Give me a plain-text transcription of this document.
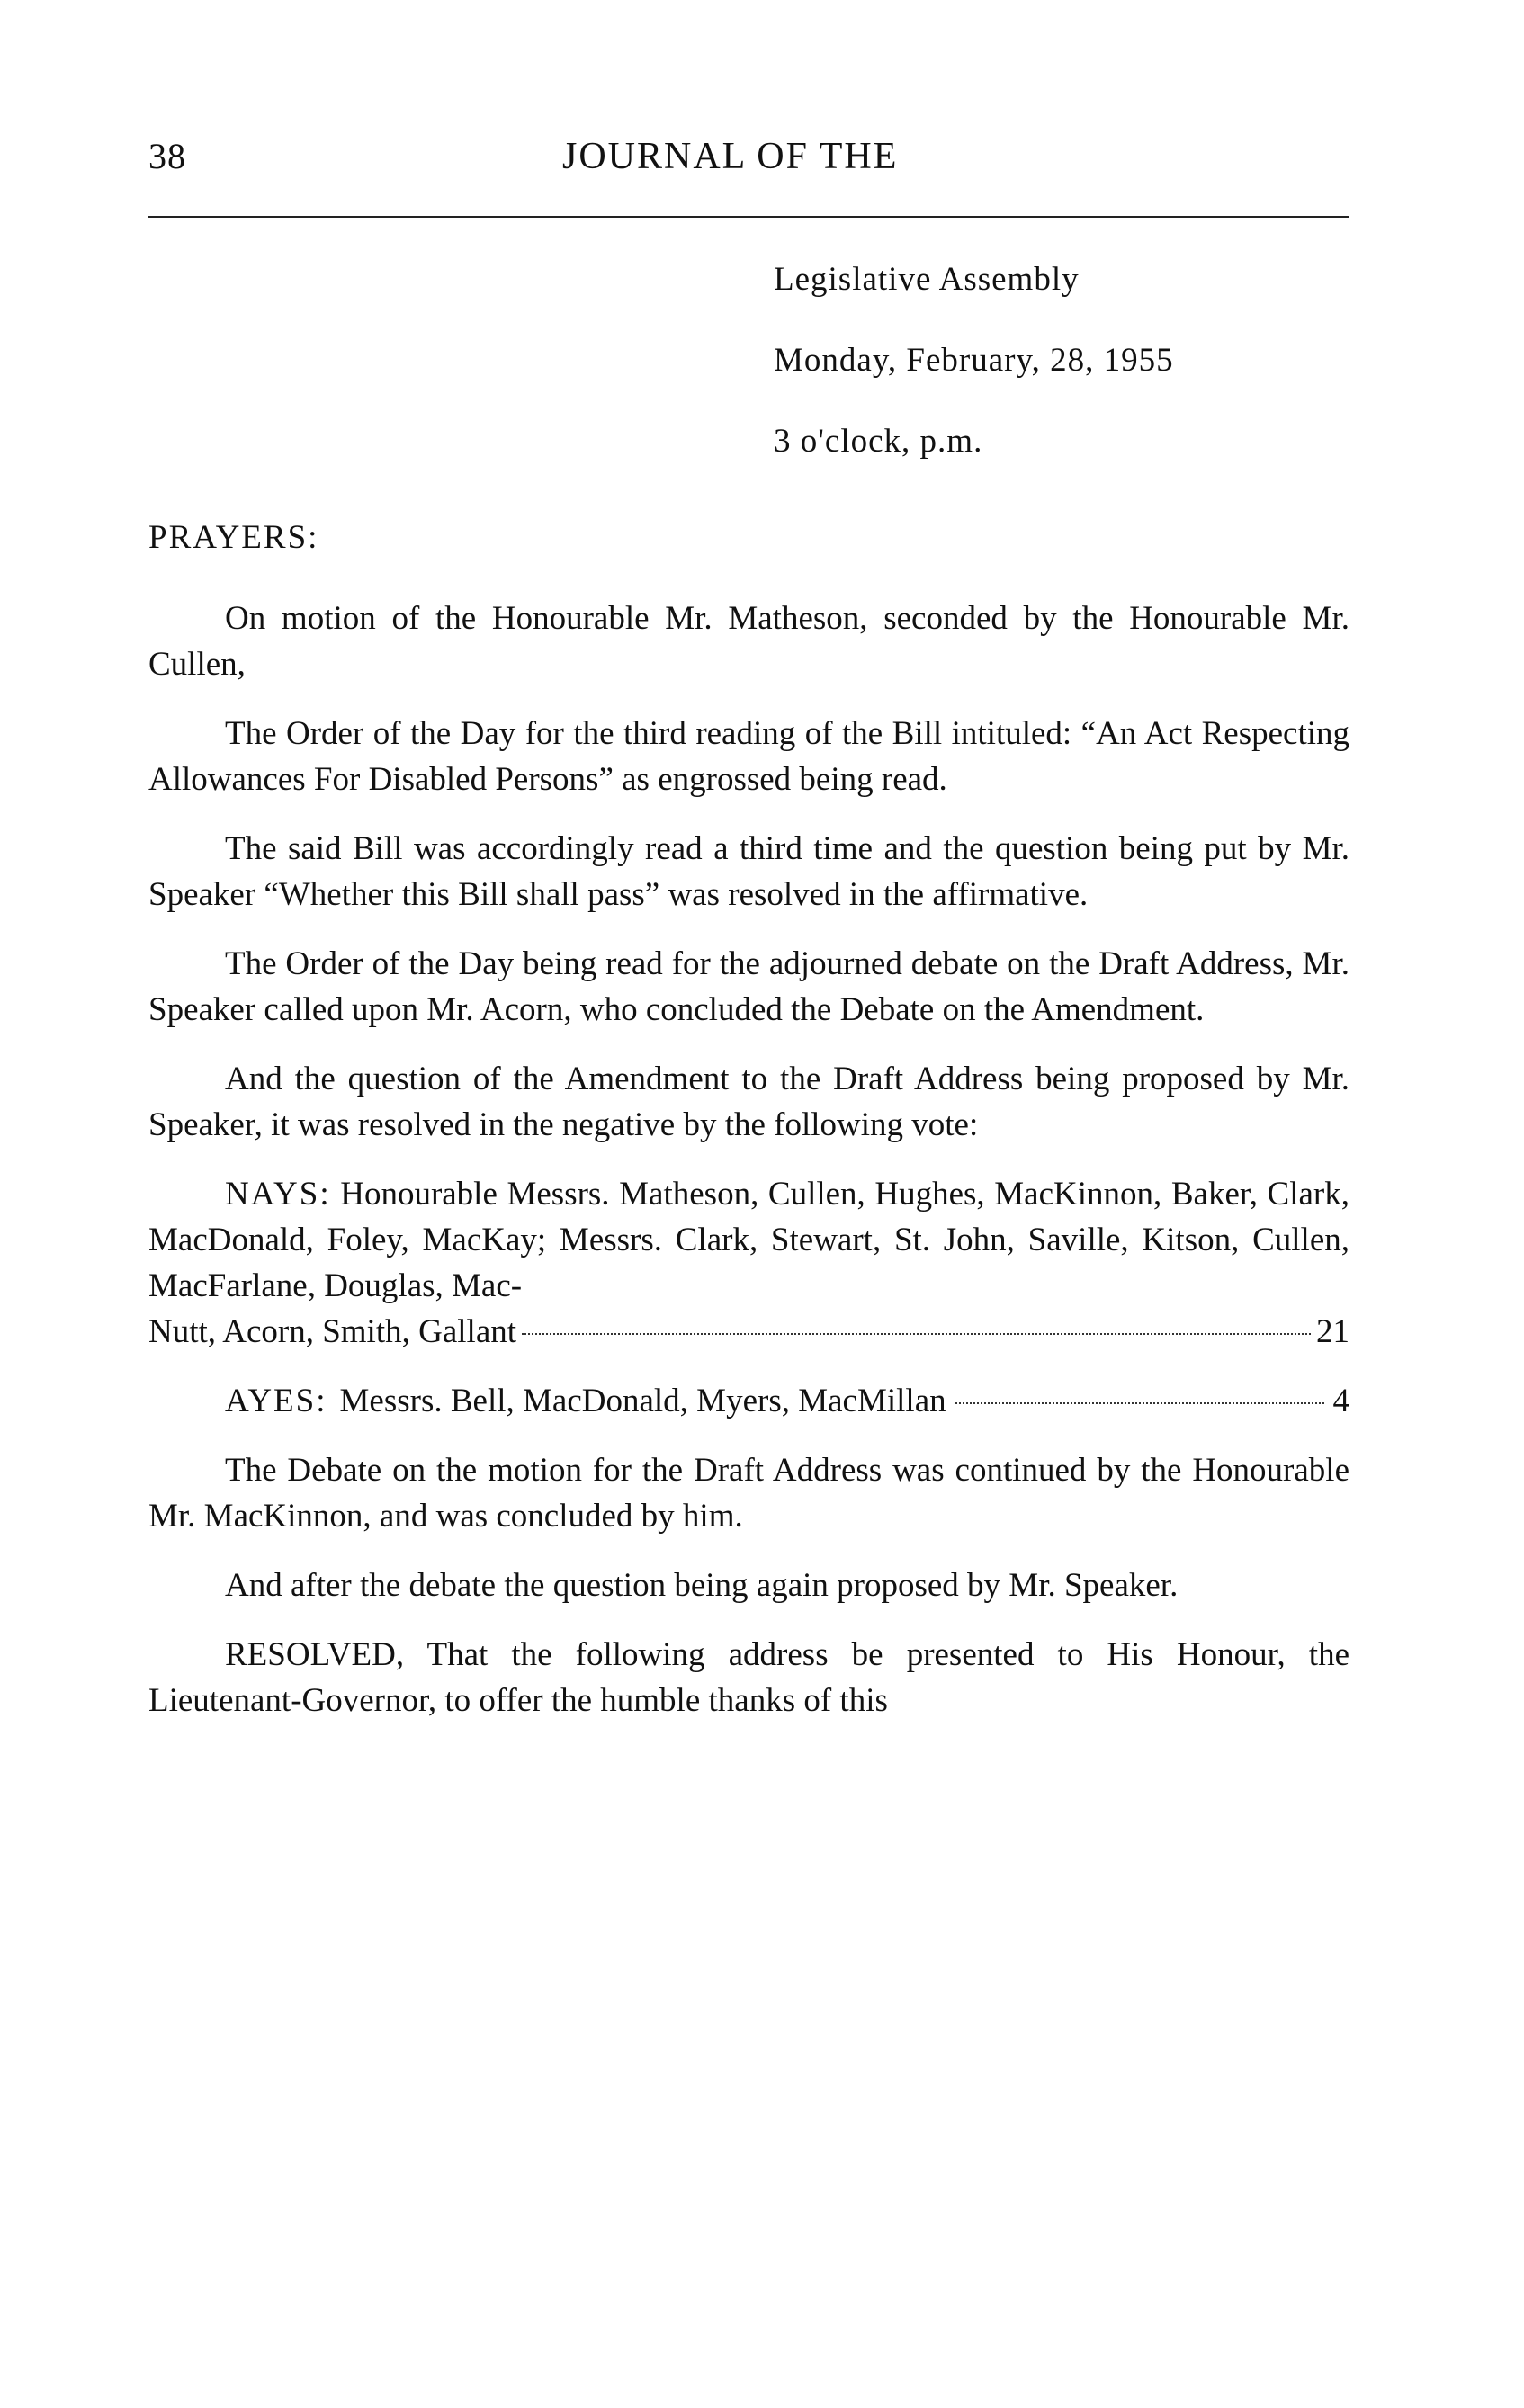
38	JOURNAL OF THE
Legislative Assembly
Monday, February, 28, 1955
3 o'clock, p.m.
PRAYERS:

On motion of the Honourable Mr. Matheson, seconded by the Honourable Mr. Cullen,

The Order of the Day for the third reading of the Bill intituled: “An Act Respecting Allowances For Disabled Persons” as engrossed being read.

The said Bill was accordingly read a third time and the question being put by Mr. Speaker “Whether this Bill shall pass” was resolved in the affirmative.

The Order of the Day being read for the adjourned debate on the Draft Address, Mr. Speaker called upon Mr. Acorn, who concluded the Debate on the Amendment.

And the question of the Amendment to the Draft Address being proposed by Mr. Speaker, it was resolved in the negative by the following vote:

NAYS: Honourable Messrs. Matheson, Cullen, Hughes, MacKinnon, Baker, Clark, MacDonald, Foley, MacKay; Messrs. Clark, Stewart, St. John, Saville, Kitson, Cullen, MacFarlane, Douglas, Mac-
Nutt, Acorn, Smith, Gallant	21
AYES: Messrs. Bell, MacDonald, Myers, MacMillan	4

The Debate on the motion for the Draft Address was continued by the Honourable Mr. MacKinnon, and was concluded by him.

And after the debate the question being again proposed by Mr. Speaker.

RESOLVED, That the following address be presented to His Honour, the Lieutenant-Governor, to offer the humble thanks of this
